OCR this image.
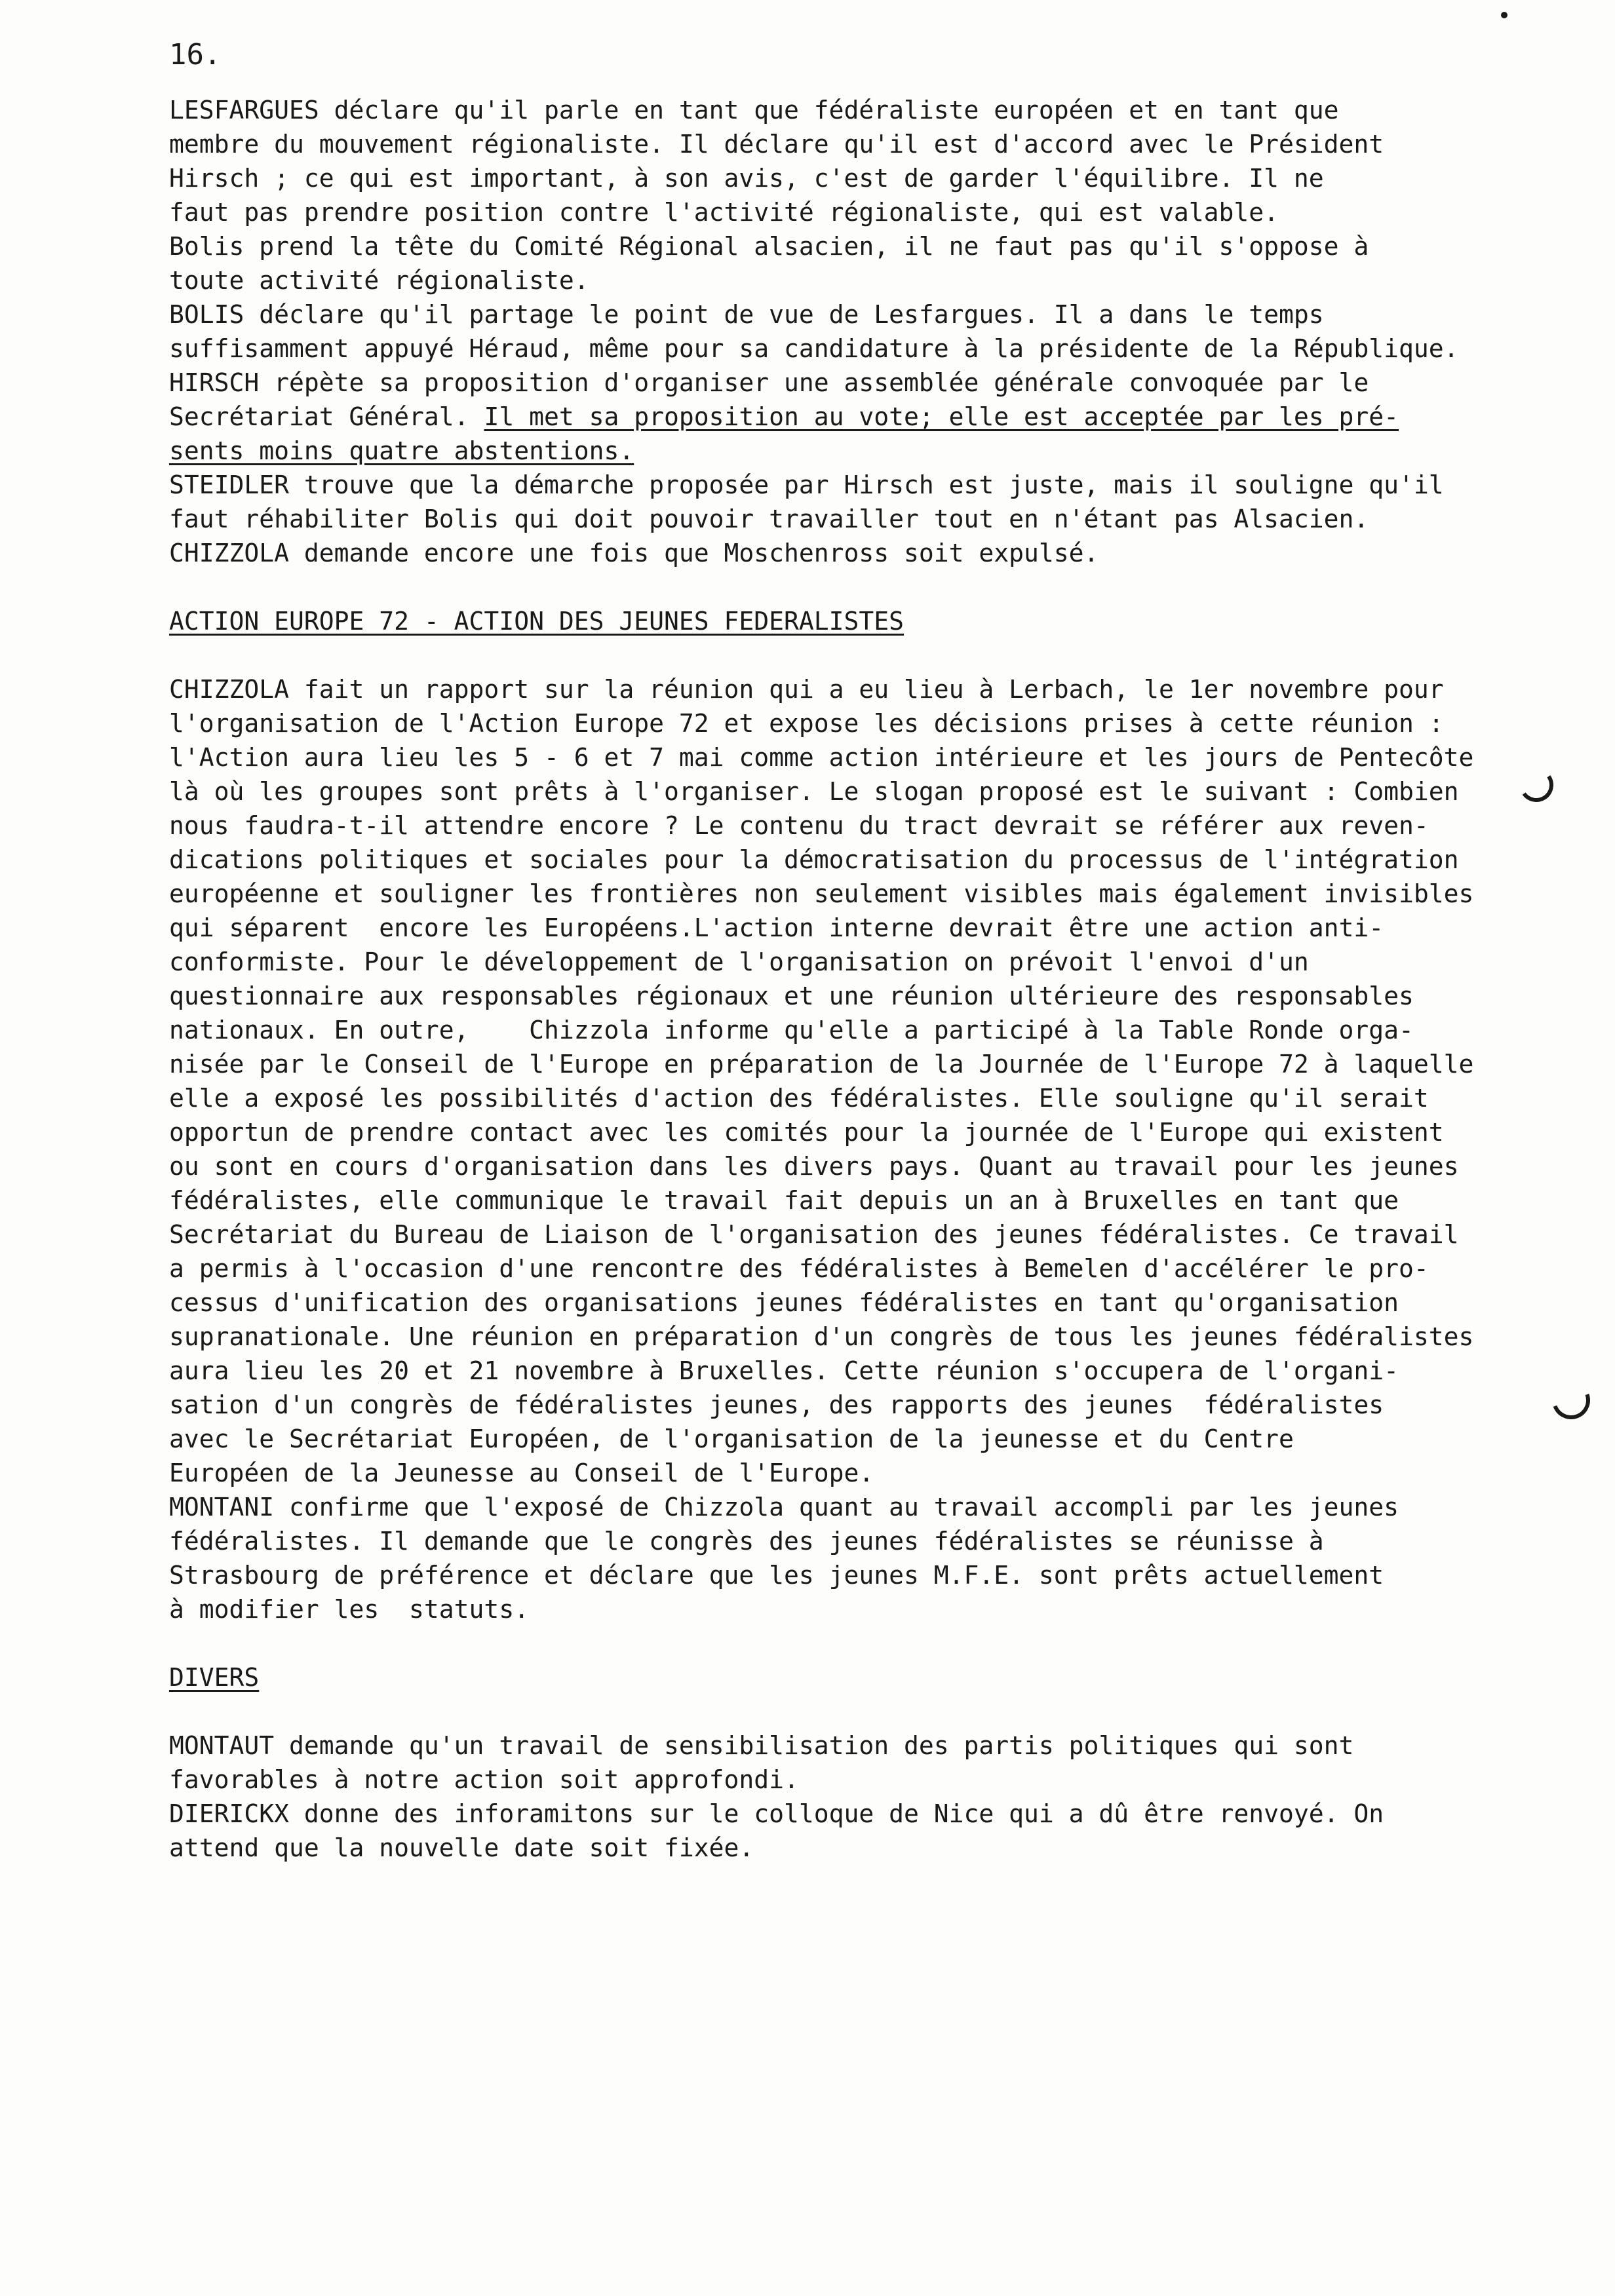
16.
LESFARGUES déclare qu'il parle en tant que fédéraliste européen et en tant que
membre du mouvement régionaliste. Il déclare qu'il est d'accord avec le Président
Hirsch ; ce qui est important, à son avis, c'est de garder l'équilibre. Il ne
faut pas prendre position contre l'activité régionaliste, qui est valable.
Bolis prend la tête du Comité Régional alsacien, il ne faut pas qu'il s'oppose à
toute activité régionaliste.
BOLIS déclare qu'il partage le point de vue de Lesfargues. Il a dans le temps
suffisamment appuyé Héraud, même pour sa candidature à la présidente de la République.
HIRSCH répète sa proposition d'organiser une assemblée générale convoquée par le
Secrétariat Général. Il met sa proposition au vote; elle est acceptée par les pré-
sents moins quatre abstentions.
STEIDLER trouve que la démarche proposée par Hirsch est juste, mais il souligne qu'il
faut réhabiliter Bolis qui doit pouvoir travailler tout en n'étant pas Alsacien.
CHIZZOLA demande encore une fois que Moschenross soit expulsé.
ACTION EUROPE 72 - ACTION DES JEUNES FEDERALISTES
CHIZZOLA fait un rapport sur la réunion qui a eu lieu à Lerbach, le 1er novembre pour
l'organisation de l'Action Europe 72 et expose les décisions prises à cette réunion :
l'Action aura lieu les 5 - 6 et 7 mai comme action intérieure et les jours de Pentecôte
là où les groupes sont prêts à l'organiser. Le slogan proposé est le suivant : Combien
nous faudra-t-il attendre encore ? Le contenu du tract devrait se référer aux reven-
dications politiques et sociales pour la démocratisation du processus de l'intégration
européenne et souligner les frontières non seulement visibles mais également invisibles
qui séparent  encore les Européens.L'action interne devrait être une action anti-
conformiste. Pour le développement de l'organisation on prévoit l'envoi d'un
questionnaire aux responsables régionaux et une réunion ultérieure des responsables
nationaux. En outre,    Chizzola informe qu'elle a participé à la Table Ronde orga-
nisée par le Conseil de l'Europe en préparation de la Journée de l'Europe 72 à laquelle
elle a exposé les possibilités d'action des fédéralistes. Elle souligne qu'il serait
opportun de prendre contact avec les comités pour la journée de l'Europe qui existent
ou sont en cours d'organisation dans les divers pays. Quant au travail pour les jeunes
fédéralistes, elle communique le travail fait depuis un an à Bruxelles en tant que
Secrétariat du Bureau de Liaison de l'organisation des jeunes fédéralistes. Ce travail
a permis à l'occasion d'une rencontre des fédéralistes à Bemelen d'accélérer le pro-
cessus d'unification des organisations jeunes fédéralistes en tant qu'organisation
supranationale. Une réunion en préparation d'un congrès de tous les jeunes fédéralistes
aura lieu les 20 et 21 novembre à Bruxelles. Cette réunion s'occupera de l'organi-
sation d'un congrès de fédéralistes jeunes, des rapports des jeunes  fédéralistes
avec le Secrétariat Européen, de l'organisation de la jeunesse et du Centre
Européen de la Jeunesse au Conseil de l'Europe.
MONTANI confirme que l'exposé de Chizzola quant au travail accompli par les jeunes
fédéralistes. Il demande que le congrès des jeunes fédéralistes se réunisse à
Strasbourg de préférence et déclare que les jeunes M.F.E. sont prêts actuellement
à modifier les  statuts.
DIVERS
MONTAUT demande qu'un travail de sensibilisation des partis politiques qui sont
favorables à notre action soit approfondi.
DIERICKX donne des inforamitons sur le colloque de Nice qui a dû être renvoyé. On
attend que la nouvelle date soit fixée.
